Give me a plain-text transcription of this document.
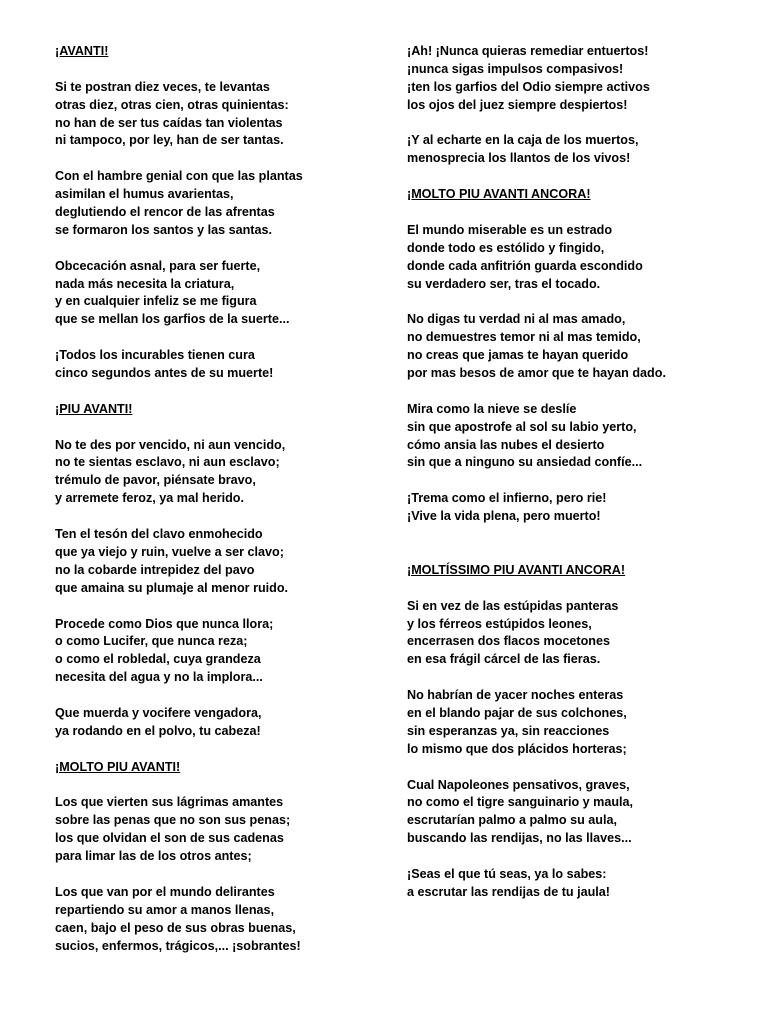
¡AVANTI!
Si te postran diez veces, te levantas
otras diez, otras cien, otras quinientas:
no han de ser tus caídas tan violentas
ni tampoco, por ley, han de ser tantas.
Con el hambre genial con que las plantas
asimilan el humus avarientas,
deglutiendo el rencor de las afrentas
se formaron los santos y las santas.
Obcecación asnal, para ser fuerte,
nada más necesita la criatura,
y en cualquier infeliz se me figura
que se mellan los garfios de la suerte...
¡Todos los incurables tienen cura
cinco segundos antes de su muerte!
¡PIU AVANTI!
No te des por vencido, ni aun vencido,
no te sientas esclavo, ni aun esclavo;
trémulo de pavor, piénsate bravo,
y arremete feroz, ya mal herido.
Ten el tesón del clavo enmohecido
que ya viejo y ruin, vuelve a ser clavo;
no la cobarde intrepidez del pavo
que amaina su plumaje al menor ruido.
Procede como Dios que nunca llora;
o como Lucifer, que nunca reza;
o como el robledal, cuya grandeza
necesita del agua y no la implora...
Que muerda y vocifere vengadora,
ya rodando en el polvo, tu cabeza!
¡MOLTO PIU AVANTI!
Los que vierten sus lágrimas amantes
sobre las penas que no son sus penas;
los que olvidan el son de sus cadenas
para limar las de los otros antes;
Los que van por el mundo delirantes
repartiendo su amor a manos llenas,
caen, bajo el peso de sus obras buenas,
sucios, enfermos, trágicos,... ¡sobrantes!
¡Ah! ¡Nunca quieras remediar entuertos!
¡nunca sigas impulsos compasivos!
¡ten los garfios del Odio siempre activos
los ojos del juez siempre despiertos!
¡Y al echarte en la caja de los muertos,
menosprecia los llantos de los vivos!
¡MOLTO PIU AVANTI ANCORA!
El mundo miserable es un estrado
donde todo es estólido y fingido,
donde cada anfitrión guarda escondido
su verdadero ser, tras el tocado.
No digas tu verdad ni al mas amado,
no demuestres temor ni al mas temido,
no creas que jamas te hayan querido
por mas besos de amor que te hayan dado.
Mira como la nieve se deslíe
sin que apostrofe al sol su labio yerto,
cómo ansia las nubes el desierto
sin que a ninguno su ansiedad confíe...
¡Trema como el infierno, pero rie!
¡Vive la vida plena, pero muerto!
¡MOLTÍSSIMO PIU AVANTI ANCORA!
Si en vez de las estúpidas panteras
y los férreos estúpidos leones,
encerrasen dos flacos mocetones
en esa frágil cárcel de las fieras.
No habrían de yacer noches enteras
en el blando pajar de sus colchones,
sin esperanzas ya, sin reacciones
lo mismo que dos plácidos horteras;
Cual Napoleones pensativos, graves,
no como el tigre sanguinario y maula,
escrutarían palmo a palmo su aula,
buscando las rendijas, no las llaves...
¡Seas el que tú seas, ya lo sabes:
a escrutar las rendijas de tu jaula!
